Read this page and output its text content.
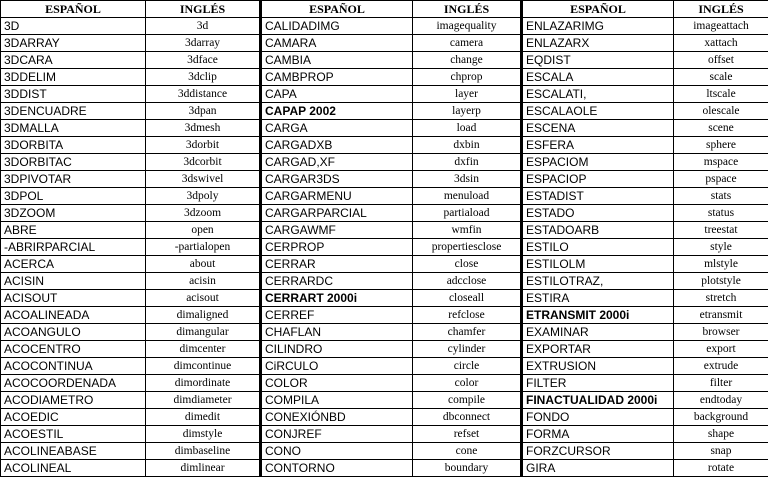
ESPAÑOL	INGLÉS	ESPAÑOL	INGLÉS	ESPAÑOL	INGLÉS
3D	3d	CALIDADIMG	imagequality	ENLAZARIMG	imageattach
3DARRAY	3darray	CAMARA	camera	ENLAZARX	xattach
3DCARA	3dface	CAMBIA	change	EQDIST	offset
3DDELIM	3dclip	CAMBPROP	chprop	ESCALA	scale
3DDIST	3ddistance	CAPA	layer	ESCALATI,	ltscale
3DENCUADRE	3dpan	CAPAP 2002	layerp	ESCALAOLE	olescale
3DMALLA	3dmesh	CARGA	load	ESCENA	scene
3DORBITA	3dorbit	CARGADXB	dxbin	ESFERA	sphere
3DORBITAC	3dcorbit	CARGAD,XF	dxfin	ESPACIOM	mspace
3DPIVOTAR	3dswivel	CARGAR3DS	3dsin	ESPACIOP	pspace
3DPOL	3dpoly	CARGARMENU	menuload	ESTADIST	stats
3DZOOM	3dzoom	CARGARPARCIAL	partiaload	ESTADO	status
ABRE	open	CARGAWMF	wmfin	ESTADOARB	treestat
-ABRIRPARCIAL	-partialopen	CERPROP	propertiesclose	ESTILO	style
ACERCA	about	CERRAR	close	ESTILOLM	mlstyle
ACISIN	acisin	CERRARDC	adcclose	ESTILOTRAZ,	plotstyle
ACISOUT	acisout	CERRART 2000i	closeall	ESTIRA	stretch
ACOALINEADA	dimaligned	CERREF	refclose	ETRANSMIT 2000i	etransmit
ACOANGULO	dimangular	CHAFLAN	chamfer	EXAMINAR	browser
ACOCENTRO	dimcenter	CILINDRO	cylinder	EXPORTAR	export
ACOCONTINUA	dimcontinue	CiRCULO	circle	EXTRUSION	extrude
ACOCOORDENADA	dimordinate	COLOR	color	FILTER	filter
ACODIAMETRO	dimdiameter	COMPILA	compile	FINACTUALIDAD 2000i	endtoday
ACOEDIC	dimedit	CONEXIÓNBD	dbconnect	FONDO	background
ACOESTIL	dimstyle	CONJREF	refset	FORMA	shape
ACOLINEABASE	dimbaseline	CONO	cone	FORZCURSOR	snap
ACOLINEAL	dimlinear	CONTORNO	boundary	GIRA	rotate
